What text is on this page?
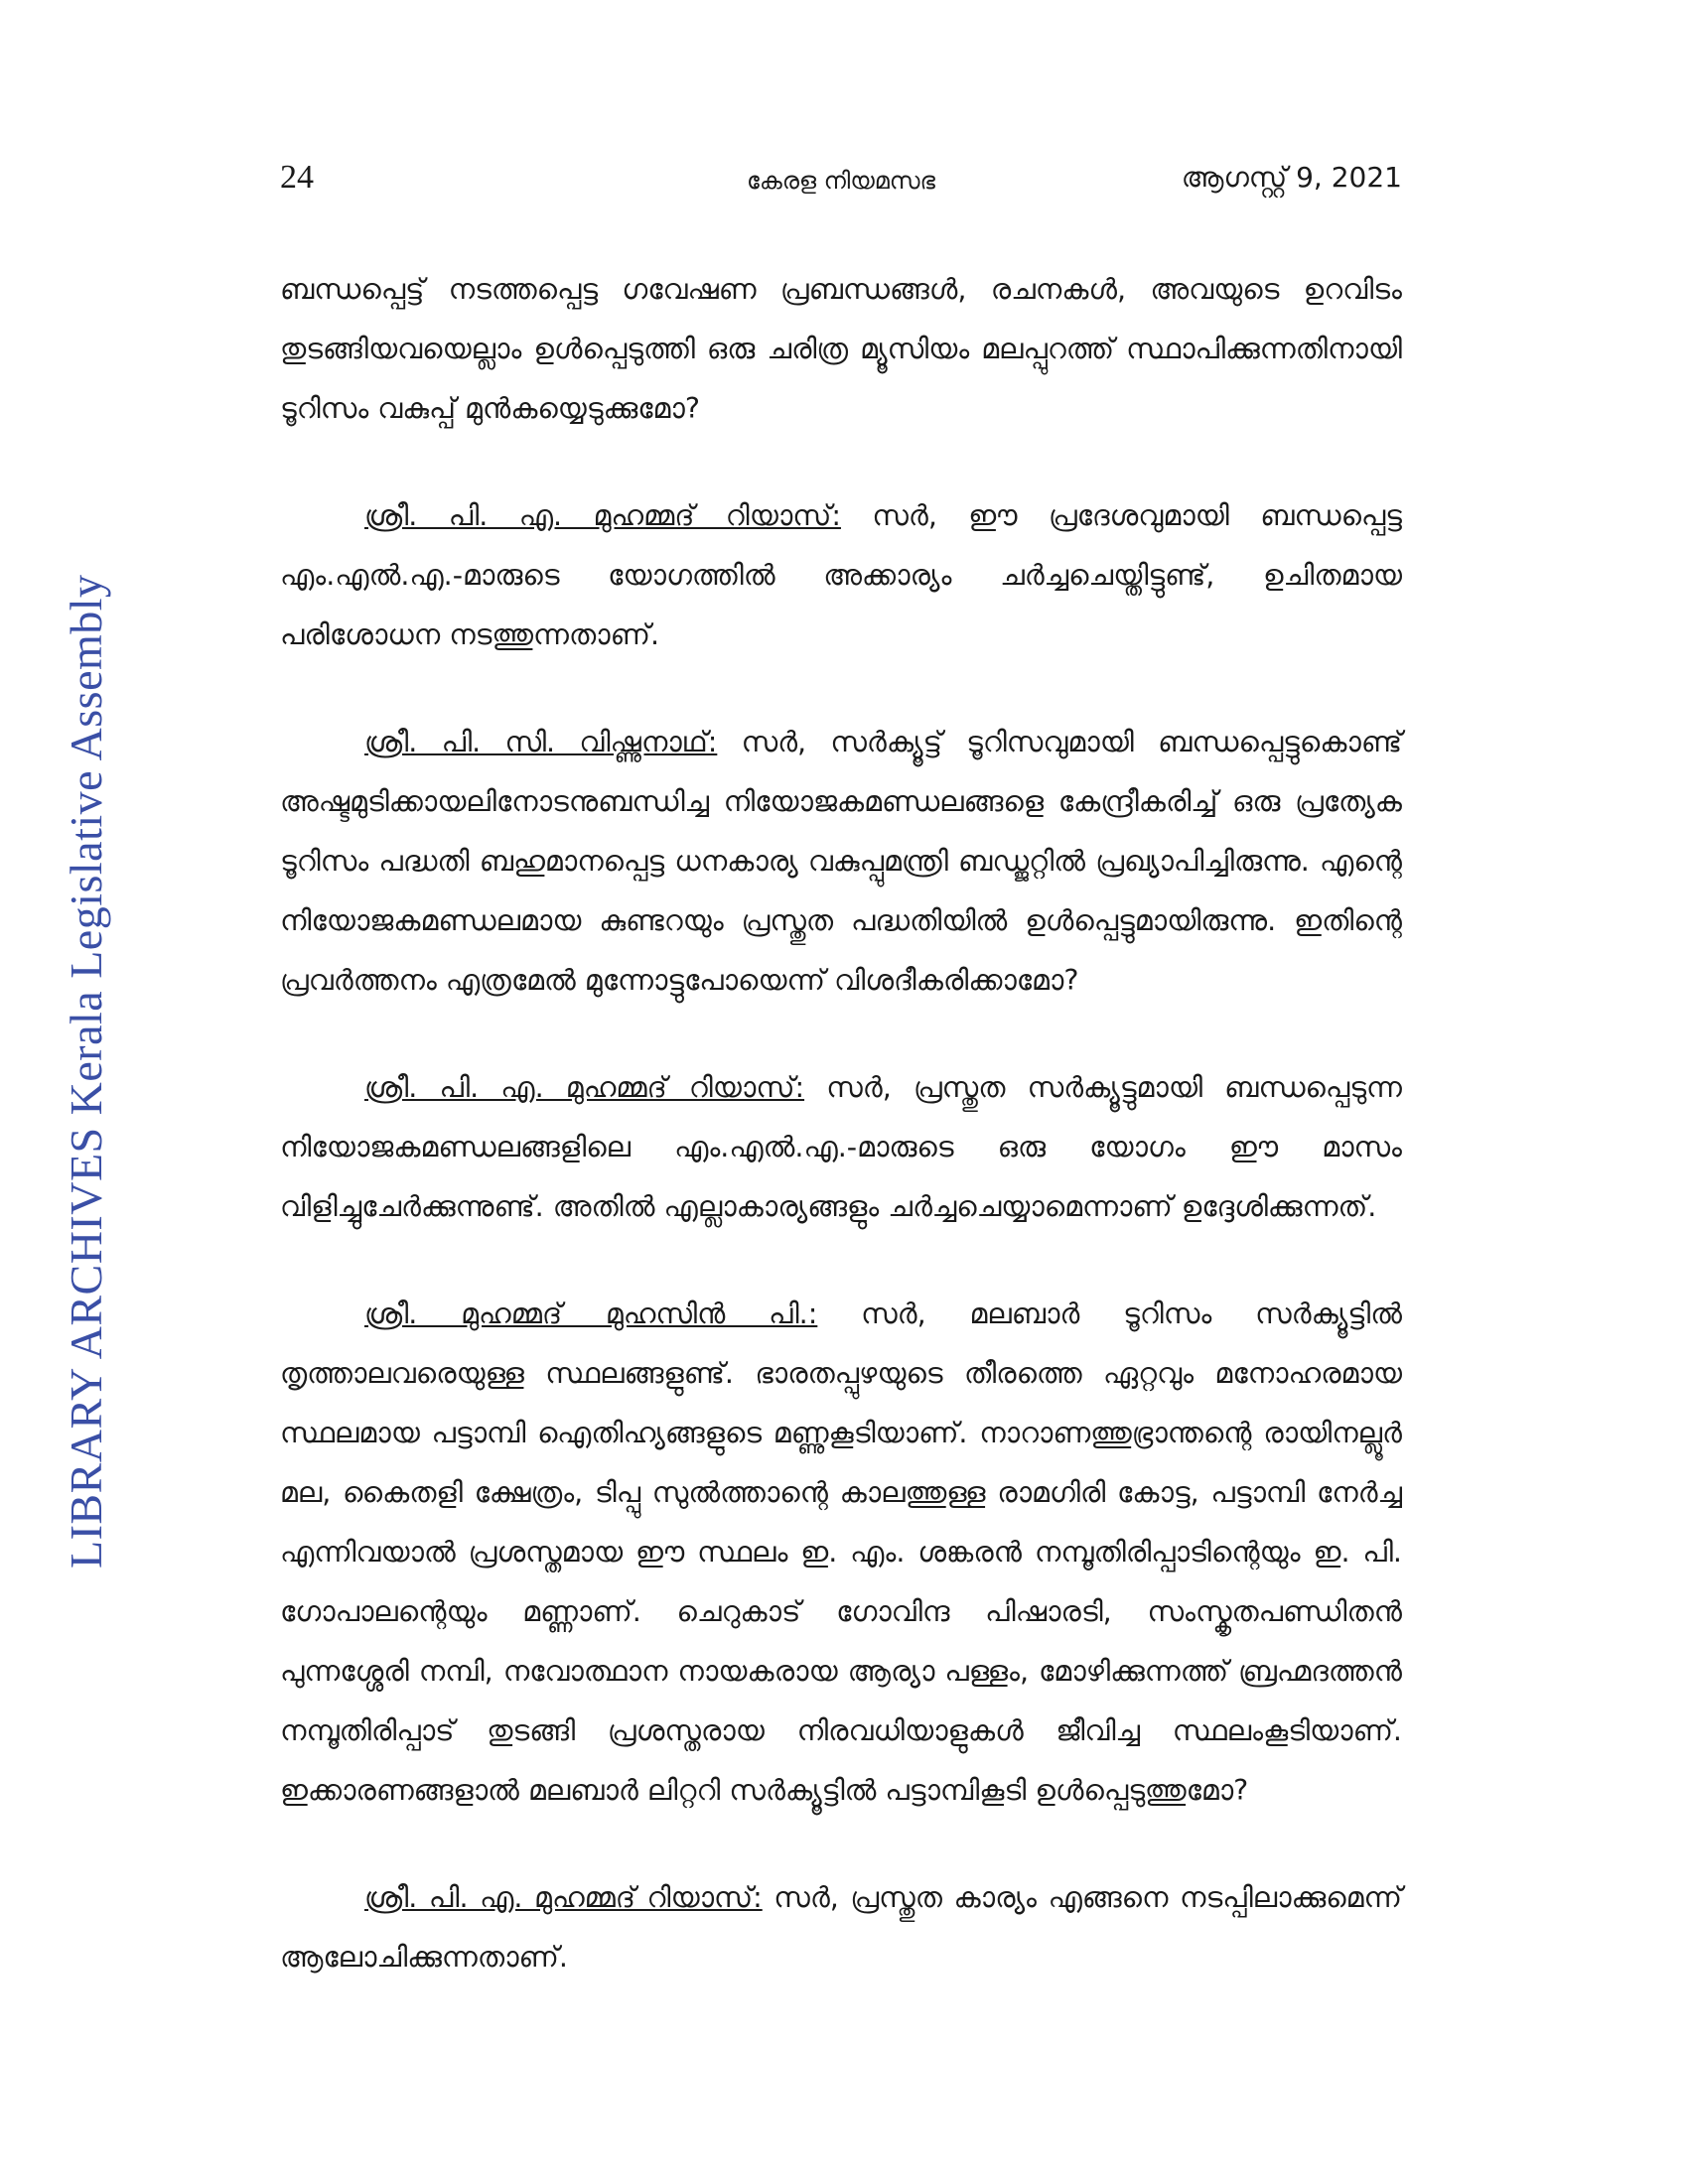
LIBRARY ARCHIVES Kerala Legislative Assembly
24	കേരള നിയമസഭ	ആഗസ്റ്റ് 9, 2021

ബന്ധപ്പെട്ട് നടത്തപ്പെട്ട ഗവേഷണ പ്രബന്ധങ്ങൾ, രചനകൾ, അവയുടെ ഉറവിടം തുടങ്ങിയവയെല്ലാം ഉൾപ്പെടുത്തി ഒരു ചരിത്ര മ്യൂസിയം മലപ്പുറത്ത് സ്ഥാപിക്കുന്നതിനായി ടൂറിസം വകുപ്പ് മുൻകയ്യെടുക്കുമോ?

ശ്രീ. പി. എ. മുഹമ്മദ് റിയാസ്: സർ, ഈ പ്രദേശവുമായി ബന്ധപ്പെട്ട എം.എൽ.എ.-മാരുടെ യോഗത്തിൽ അക്കാര്യം ചർച്ചചെയ്തിട്ടുണ്ട്, ഉചിതമായ പരിശോധന നടത്തുന്നതാണ്.

ശ്രീ. പി. സി. വിഷ്ണുനാഥ്: സർ, സർക്യൂട്ട് ടൂറിസവുമായി ബന്ധപ്പെട്ടുകൊണ്ട് അഷ്ടമുടിക്കായലിനോടനുബന്ധിച്ച നിയോജകമണ്ഡലങ്ങളെ കേന്ദ്രീകരിച്ച് ഒരു പ്രത്യേക ടൂറിസം പദ്ധതി ബഹുമാനപ്പെട്ട ധനകാര്യ വകുപ്പുമന്ത്രി ബഡ്ജറ്റിൽ പ്രഖ്യാപിച്ചിരുന്നു. എന്റെ നിയോജകമണ്ഡലമായ കുണ്ടറയും പ്രസ്തുത പദ്ധതിയിൽ ഉൾപ്പെട്ടുമായിരുന്നു. ഇതിന്റെ പ്രവർത്തനം എത്രമേൽ മുന്നോട്ടുപോയെന്ന് വിശദീകരിക്കാമോ?

ശ്രീ. പി. എ. മുഹമ്മദ് റിയാസ്: സർ, പ്രസ്തുത സർക്യൂട്ടുമായി ബന്ധപ്പെടുന്ന നിയോജകമണ്ഡലങ്ങളിലെ എം.എൽ.എ.-മാരുടെ ഒരു യോഗം ഈ മാസം വിളിച്ചുചേർക്കുന്നുണ്ട്. അതിൽ എല്ലാകാര്യങ്ങളും ചർച്ചചെയ്യാമെന്നാണ് ഉദ്ദേശിക്കുന്നത്.

ശ്രീ. മുഹമ്മദ് മുഹസിൻ പി.: സർ, മലബാർ ടൂറിസം സർക്യൂട്ടിൽ തൃത്താലവരെയുള്ള സ്ഥലങ്ങളുണ്ട്. ഭാരതപ്പുഴയുടെ തീരത്തെ ഏറ്റവും മനോഹരമായ സ്ഥലമായ പട്ടാമ്പി ഐതിഹ്യങ്ങളുടെ മണ്ണുകൂടിയാണ്. നാറാണത്തുഭ്രാന്തന്റെ രായിനല്ലൂർ മല, കൈതളി ക്ഷേത്രം, ടിപ്പു സുൽത്താന്റെ കാലത്തുള്ള രാമഗിരി കോട്ട, പട്ടാമ്പി നേർച്ച എന്നിവയാൽ പ്രശസ്തമായ ഈ സ്ഥലം ഇ. എം. ശങ്കരൻ നമ്പൂതിരിപ്പാടിന്റെയും ഇ. പി. ഗോപാലന്റെയും മണ്ണാണ്. ചെറുകാട് ഗോവിന്ദ പിഷാരടി, സംസ്കൃതപണ്ഡിതൻ പുന്നശ്ശേരി നമ്പി, നവോത്ഥാന നായകരായ ആര്യാ പള്ളം, മോഴിക്കുന്നത്ത് ബ്രഹ്മദത്തൻ നമ്പൂതിരിപ്പാട് തുടങ്ങി പ്രശസ്തരായ നിരവധിയാളുകൾ ജീവിച്ച സ്ഥലംകൂടിയാണ്. ഇക്കാരണങ്ങളാൽ മലബാർ ലിറ്ററി സർക്യൂട്ടിൽ പട്ടാമ്പികൂടി ഉൾപ്പെടുത്തുമോ?

ശ്രീ. പി. എ. മുഹമ്മദ് റിയാസ്: സർ, പ്രസ്തുത കാര്യം എങ്ങനെ നടപ്പിലാക്കുമെന്ന് ആലോചിക്കുന്നതാണ്.
